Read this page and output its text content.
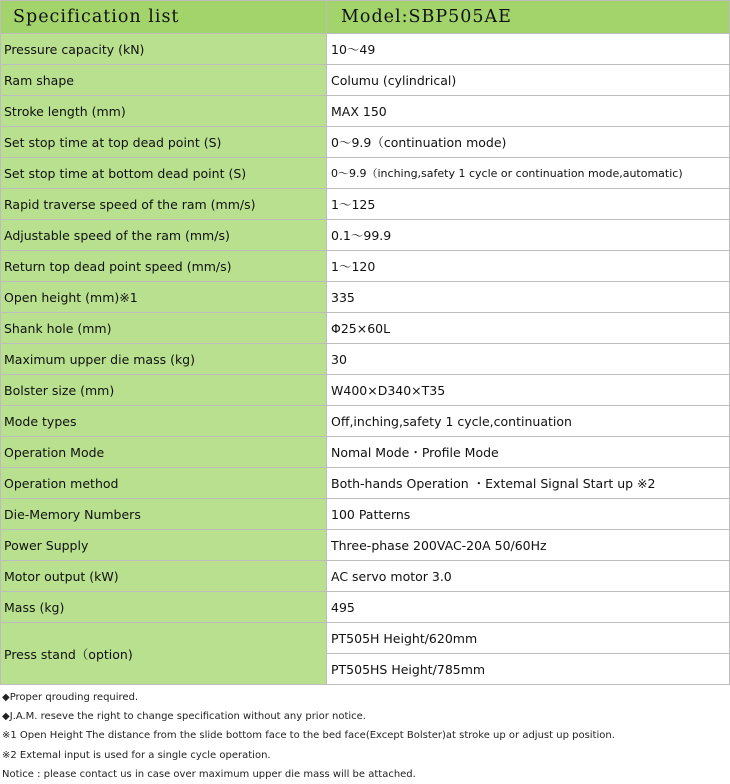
Specification list	Model:SBP505AE
Pressure capacity (kN)	10～49
Ram shape	Columu (cylindrical)
Stroke length (mm)	MAX 150
Set stop time at top dead point (S)	0～9.9（continuation mode)
Set stop time at bottom dead point (S)	0～9.9（inching,safety 1 cycle or continuation mode,automatic)
Rapid traverse speed of the ram (mm/s)	1～125
Adjustable speed of the ram (mm/s)	0.1～99.9
Return top dead point speed (mm/s)	1～120
Open height (mm)※1	335
Shank hole (mm)	Φ25×60L
Maximum upper die mass (kg)	30
Bolster size (mm)	W400×D340×T35
Mode types	Off,inching,safety 1 cycle,continuation
Operation Mode	Nomal Mode・Profile Mode
Operation method	Both-hands Operation ・Extemal Signal Start up ※2
Die-Memory Numbers	100 Patterns
Power Supply	Three-phase 200VAC-20A 50/60Hz
Motor output (kW)	AC servo motor 3.0
Mass (kg)	495
Press stand（option)	PT505H Height/620mm
	PT505HS Height/785mm
◆Proper qrouding required.
◆J.A.M. reseve the right to change specification without any prior notice.
※1 Open Height The distance from the slide bottom face to the bed face(Except Bolster)at stroke up or adjust up position.
※2 Extemal input is used for a single cycle operation.
Notice : please contact us in case over maximum upper die mass will be attached.
